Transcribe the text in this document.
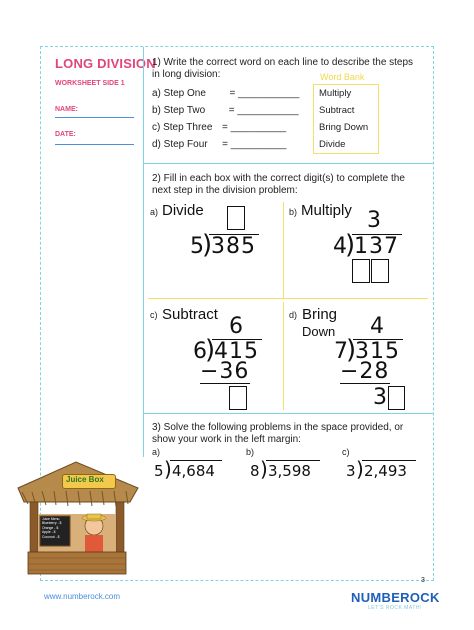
LONG DIVISION
WORKSHEET SIDE 1
NAME:
DATE:
1) Write the correct word on each line to describe the steps
in long division:
a) Step One = ___________
b) Step Two = ___________
c) Step Three = __________
d) Step Four = __________
Word Bank
Multiply
Subtract
Bring Down
Divide
2) Fill in each box with the correct digit(s) to complete the
next step in the division problem:
a) Divide
5
)
385
b) Multiply 3
4
)
137
c) Subtract 6
6
)
415
−36
d) Bring
Down 4
7
)
315
−28
3
3) Solve the following problems in the space provided, or
show your work in the left margin:
a)
5 ) 4,684
b)
8 ) 3,598
c)
3 ) 2,493
Juice Box
Juice Menu
Blueberry - $
Orange - $
Apple - $
Coconut - $
www.numberock.com
3
NUMBEROCK
LET'S ROCK MATH!
